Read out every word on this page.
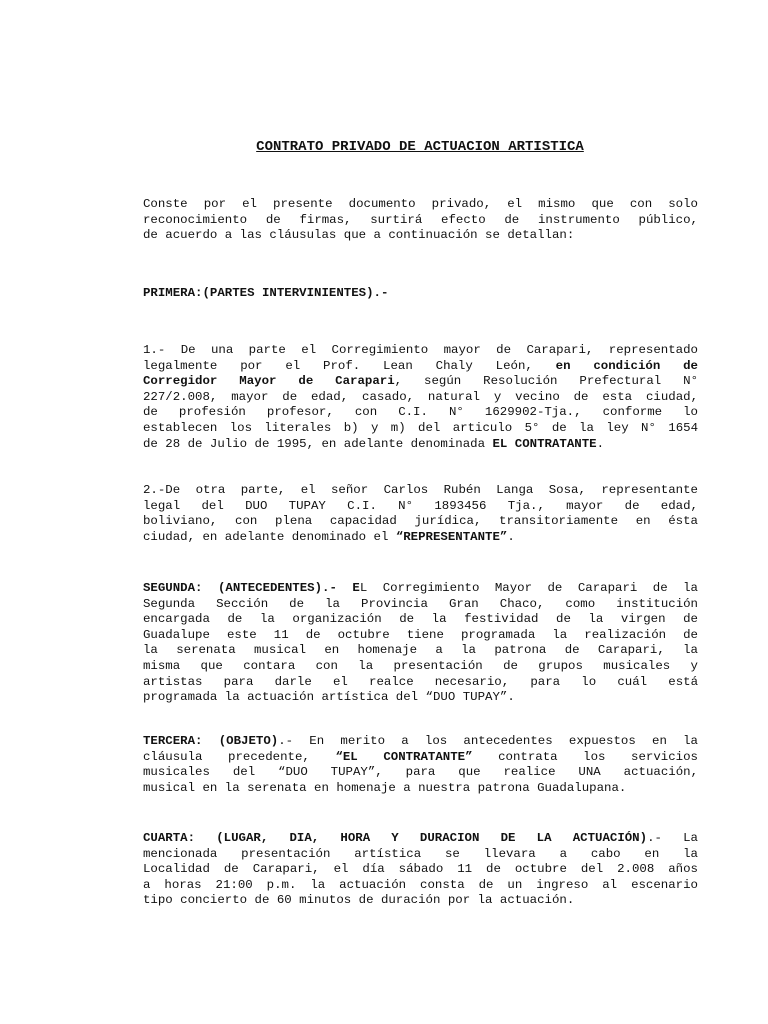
CONTRATO PRIVADO DE ACTUACION ARTISTICA

Conste por el presente documento privado, el mismo que con solo
reconocimiento de firmas, surtirá efecto de instrumento público,
de acuerdo a las cláusulas que a continuación se detallan:

PRIMERA:(PARTES INTERVINIENTES).-

1.- De una parte el Corregimiento mayor de Carapari, representado
legalmente por el Prof. Lean Chaly León, en condición de
Corregidor Mayor de Carapari, según Resolución Prefectural N°
227/2.008, mayor de edad, casado, natural y vecino de esta ciudad,
de profesión profesor, con C.I. N° 1629902-Tja., conforme lo
establecen los literales b) y m) del articulo 5° de la ley N° 1654
de 28 de Julio de 1995, en adelante denominada EL CONTRATANTE.

2.-De otra parte, el señor Carlos Rubén Langa Sosa, representante
legal del DUO TUPAY C.I. N° 1893456 Tja., mayor de edad,
boliviano, con plena capacidad jurídica, transitoriamente en ésta
ciudad, en adelante denominado el “REPRESENTANTE”.

SEGUNDA: (ANTECEDENTES).- EL Corregimiento Mayor de Carapari de la
Segunda Sección de la Provincia Gran Chaco, como institución
encargada de la organización de la festividad de la virgen de
Guadalupe este 11 de octubre tiene programada la realización de
la serenata musical en homenaje a la patrona de Carapari, la
misma que contara con la presentación de grupos musicales y
artistas para darle el realce necesario, para lo cuál está
programada la actuación artística del “DUO TUPAY”.

TERCERA: (OBJETO).- En merito a los antecedentes expuestos en la
cláusula precedente, “EL CONTRATANTE” contrata los servicios
musicales del “DUO TUPAY”, para que realice UNA actuación,
musical en la serenata en homenaje a nuestra patrona Guadalupana.

CUARTA: (LUGAR, DIA, HORA Y DURACION DE LA ACTUACIÓN).- La
mencionada presentación artística se llevara a cabo en la
Localidad de Carapari, el día sábado 11 de octubre del 2.008 años
a horas 21:00 p.m. la actuación consta de un ingreso al escenario
tipo concierto de 60 minutos de duración por la actuación.
